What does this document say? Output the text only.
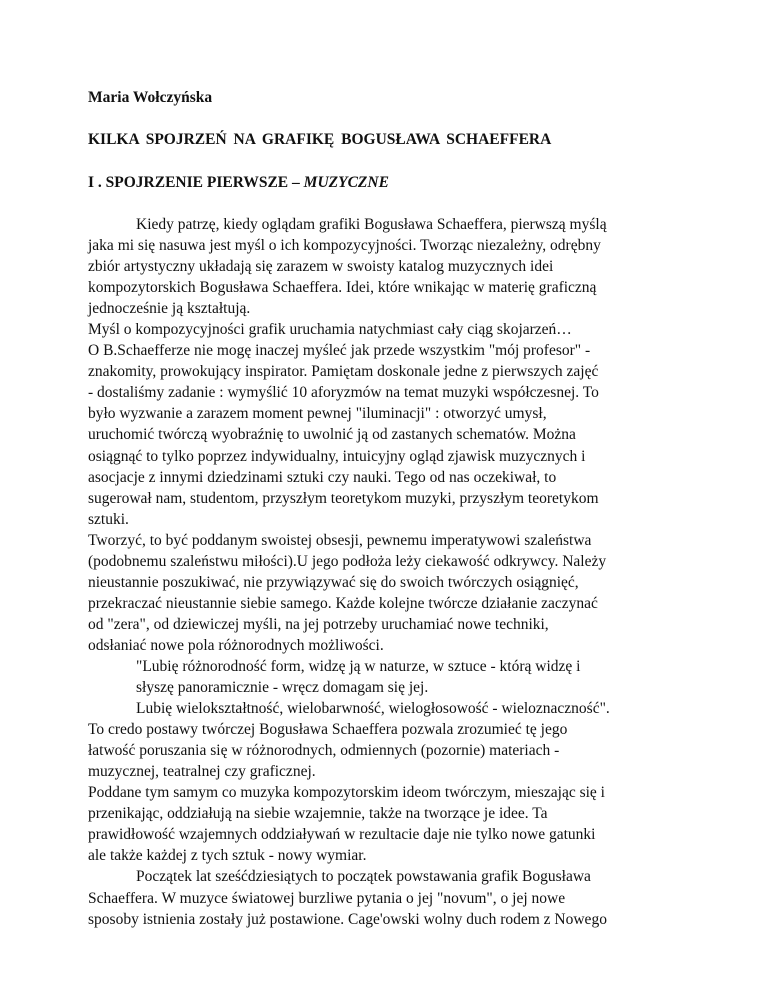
Maria Wołczyńska

KILKA SPOJRZEŃ NA GRAFIKĘ BOGUSŁAWA SCHAEFFERA

I . SPOJRZENIE PIERWSZE – MUZYCZNE

Kiedy patrzę, kiedy oglądam grafiki Bogusława Schaeffera, pierwszą myślą
jaka mi się nasuwa jest myśl o ich kompozycyjności. Tworząc niezależny, odrębny
zbiór artystyczny układają się zarazem w swoisty katalog muzycznych idei
kompozytorskich Bogusława Schaeffera. Idei, które wnikając w materię graficzną
jednocześnie ją kształtują.
Myśl o kompozycyjności grafik uruchamia natychmiast cały ciąg skojarzeń…
O B.Schaefferze nie mogę inaczej myśleć jak przede wszystkim "mój profesor" -
znakomity, prowokujący inspirator. Pamiętam doskonale jedne z pierwszych zajęć
- dostaliśmy zadanie : wymyślić 10 aforyzmów na temat muzyki współczesnej. To
było wyzwanie a zarazem moment pewnej "iluminacji" : otworzyć umysł,
uruchomić twórczą wyobraźnię to uwolnić ją od zastanych schematów. Można
osiągnąć to tylko poprzez indywidualny, intuicyjny ogląd zjawisk muzycznych i
asocjacje z innymi dziedzinami sztuki czy nauki. Tego od nas oczekiwał, to
sugerował nam, studentom, przyszłym teoretykom muzyki, przyszłym teoretykom
sztuki.
Tworzyć, to być poddanym swoistej obsesji, pewnemu imperatywowi szaleństwa
(podobnemu szaleństwu miłości).U jego podłoża leży ciekawość odkrywcy. Należy
nieustannie poszukiwać, nie przywiązywać się do swoich twórczych osiągnięć,
przekraczać nieustannie siebie samego. Każde kolejne twórcze działanie zaczynać
od "zera", od dziewiczej myśli, na jej potrzeby uruchamiać nowe techniki,
odsłaniać nowe pola różnorodnych możliwości.
"Lubię różnorodność form, widzę ją w naturze, w sztuce - którą widzę i
słyszę panoramicznie - wręcz domagam się jej.
Lubię wielokształtność, wielobarwność, wielogłosowość - wieloznaczność".
To credo postawy twórczej Bogusława Schaeffera pozwala zrozumieć tę jego
łatwość poruszania się w różnorodnych, odmiennych (pozornie) materiach -
muzycznej, teatralnej czy graficznej.
Poddane tym samym co muzyka kompozytorskim ideom twórczym, mieszając się i
przenikając, oddziałują na siebie wzajemnie, także na tworzące je idee. Ta
prawidłowość wzajemnych oddziaływań w rezultacie daje nie tylko nowe gatunki
ale także każdej z tych sztuk - nowy wymiar.
Początek lat sześćdziesiątych to początek powstawania grafik Bogusława
Schaeffera. W muzyce światowej burzliwe pytania o jej "novum", o jej nowe
sposoby istnienia zostały już postawione. Cage'owski wolny duch rodem z Nowego
